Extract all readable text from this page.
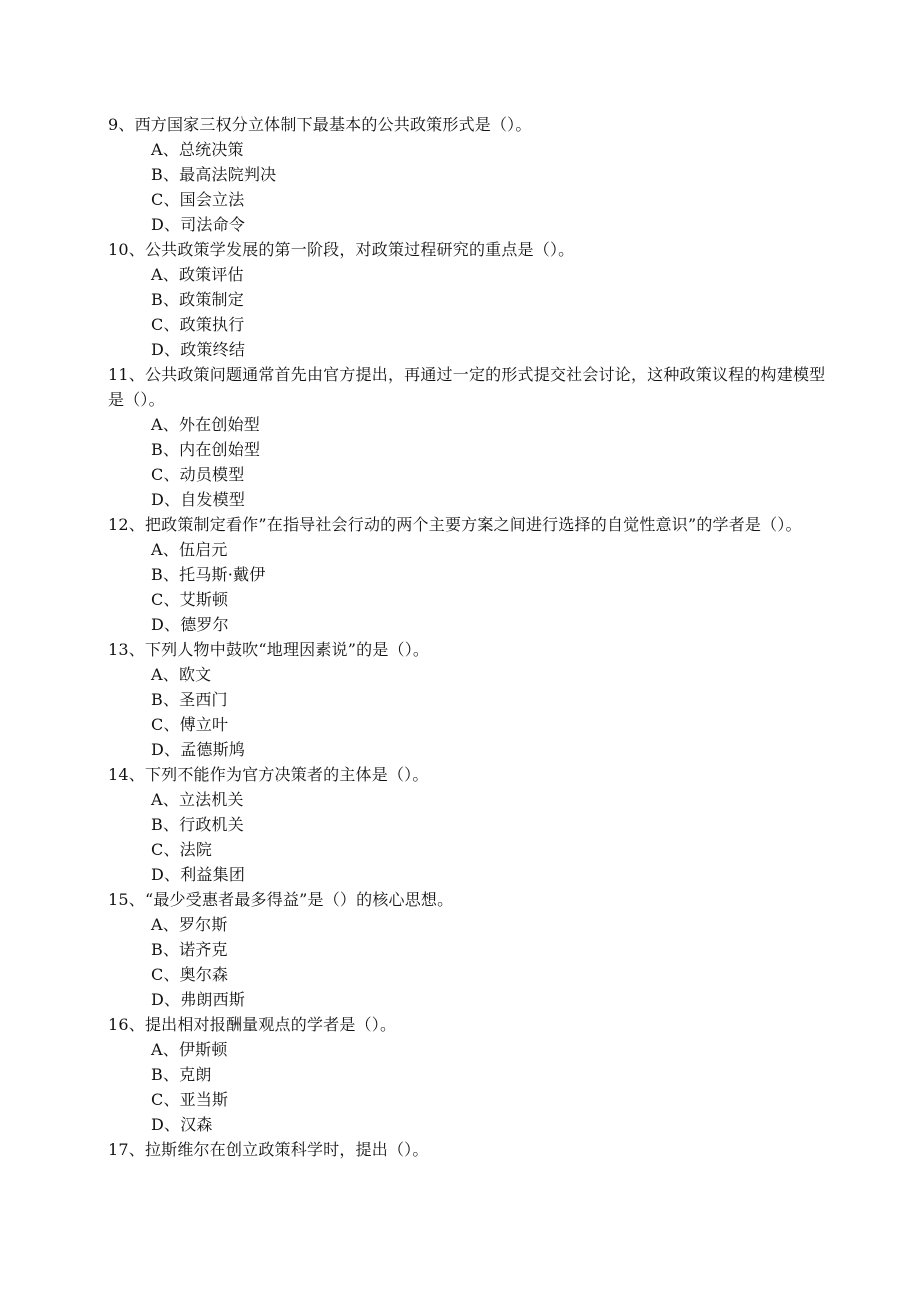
9、西方国家三权分立体制下最基本的公共政策形式是（）。
A、总统决策
B、最高法院判决
C、国会立法
D、司法命令
10、公共政策学发展的第一阶段，对政策过程研究的重点是（）。
A、政策评估
B、政策制定
C、政策执行
D、政策终结
11、公共政策问题通常首先由官方提出，再通过一定的形式提交社会讨论，这种政策议程的构建模型是（）。
A、外在创始型
B、内在创始型
C、动员模型
D、自发模型
12、把政策制定看作”在指导社会行动的两个主要方案之间进行选择的自觉性意识”的学者是（）。
A、伍启元
B、托马斯·戴伊
C、艾斯顿
D、德罗尔
13、下列人物中鼓吹“地理因素说”的是（）。
A、欧文
B、圣西门
C、傅立叶
D、孟德斯鸠
14、下列不能作为官方决策者的主体是（）。
A、立法机关
B、行政机关
C、法院
D、利益集团
15、“最少受惠者最多得益”是（）的核心思想。
A、罗尔斯
B、诺齐克
C、奥尔森
D、弗朗西斯
16、提出相对报酬量观点的学者是（）。
A、伊斯顿
B、克朗
C、亚当斯
D、汉森
17、拉斯维尔在创立政策科学时，提出（）。
